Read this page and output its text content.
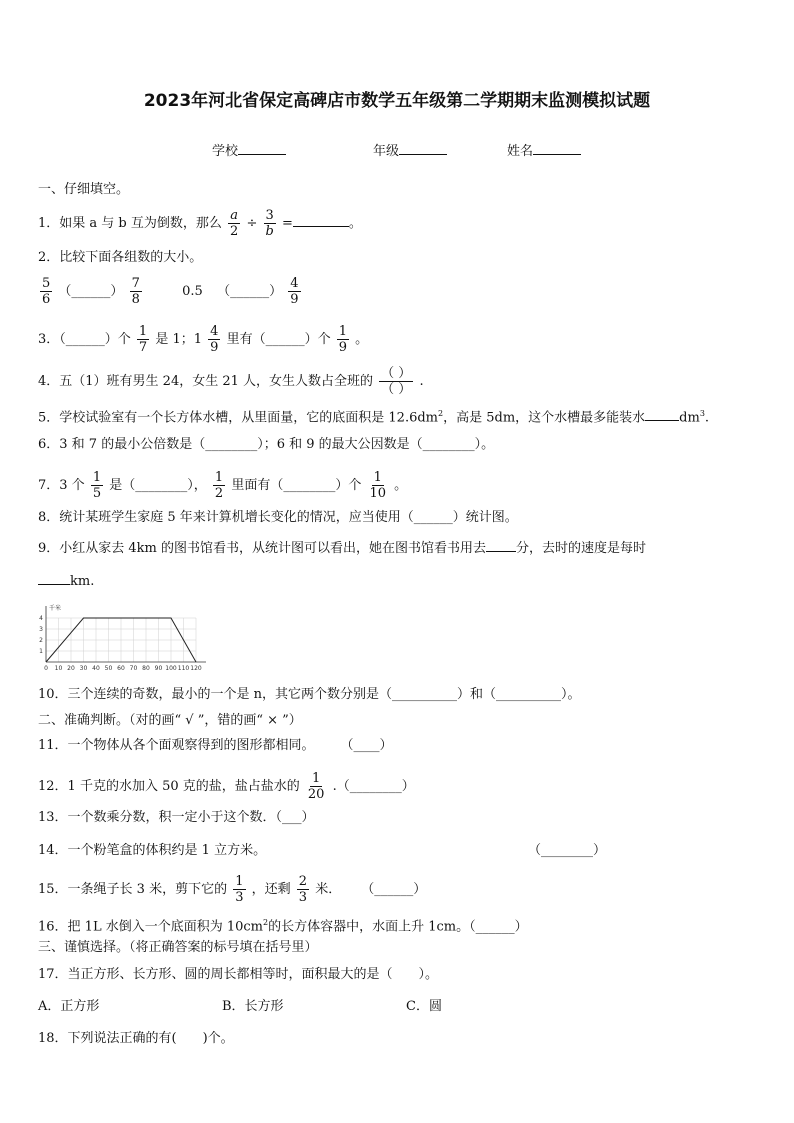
2023年河北省保定高碑店市数学五年级第二学期期末监测模拟试题
学校	年级	姓名
一、仔细填空。
1．如果 a 与 b 互为倒数，那么 $\frac{a}{2} \div \frac{3}{b}$ =	。
2．比较下面各组数的大小。
$\frac{5}{6}$ （______） $\frac{7}{8}$	0.5 （______） $\frac{4}{9}$
3．（______）个 $\frac{1}{7}$ 是 1；$1 \frac{4}{9}$ 里有（______）个 $\frac{1}{9}$ 。
4．五（1）班有男生 24，女生 21 人，女生人数占全班的 $\frac{( )}{( )}$ .
5．学校试验室有一个长方体水槽，从里面量，它的底面积是 $12.6dm^2$，高是 5dm，这个水槽最多能装水	$dm^3$.
6．3 和 7 的最小公倍数是（________）；6 和 9 的最大公因数是（________）。
7．3 个 $\frac{1}{5}$ 是（________）， $\frac{1}{2}$ 里面有（________）个 $\frac{1}{10}$ 。
8．统计某班学生家庭 5 年来计算机增长变化的情况，应当使用（______）统计图。
9．小红从家去 4km 的图书馆看书，从统计图可以看出，她在图书馆看书用去 分，去时的速度是每时
km.
0 10 20 30 40 50 60 70 80 90 100 110 120
1
2
3
4
千米
10．三个连续的奇数，最小的一个是 n，其它两个数分别是（__________）和（__________）。
二、准确判断。（对的画“ √ ”，错的画“ × ”）
11．一个物体从各个面观察得到的图形都相同。 （____）
12．1 千克的水加入 50 克的盐，盐占盐水的 $\frac{1}{20}$ .（________）
13．一个数乘分数，积一定小于这个数．（___）
14．一个粉笔盒的体积约是 1 立方米。	（________）
15．一条绳子长 3 米，剪下它的 $\frac{1}{3}$ ，还剩 $\frac{2}{3}$ 米． （______）
16．把 1L 水倒入一个底面积为 $10cm^2$的长方体容器中，水面上升 1cm。（______）
三、谨慎选择。（将正确答案的标号填在括号里）
17．当正方形、长方形、圆的周长都相等时，面积最大的是（　　）。
A．正方形	B．长方形	C．圆
18．下列说法正确的有(　　)个。
